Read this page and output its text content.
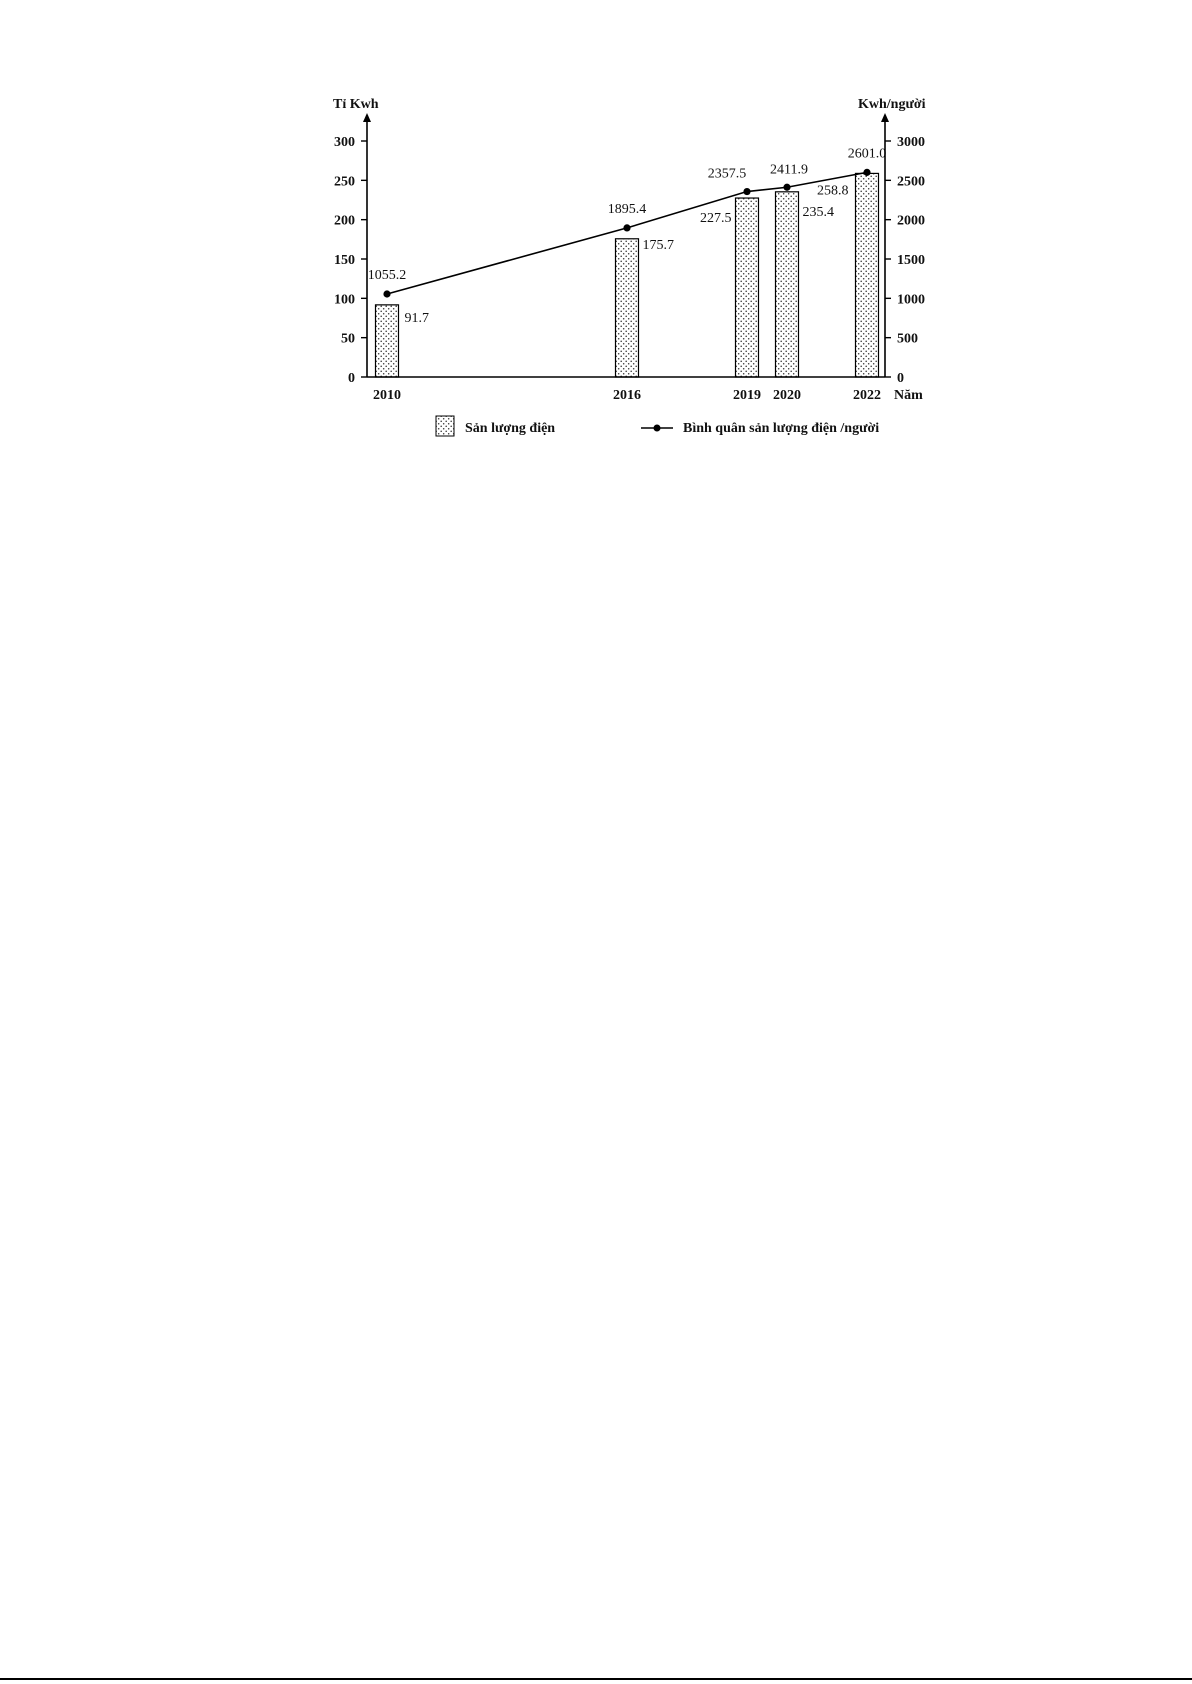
Tỉ Kwh	Kwh/người
0
50
100
150
200
250
300
0
500
1000
1500
2000
2500
3000
91.7
175.7
227.5	235.4
258.8
1055.2
1895.4
2357.5 2411.9
2601.0
2010	2016	2019 2020	2022 Năm
Sản lượng điện	Bình quân sản lượng điện /người
